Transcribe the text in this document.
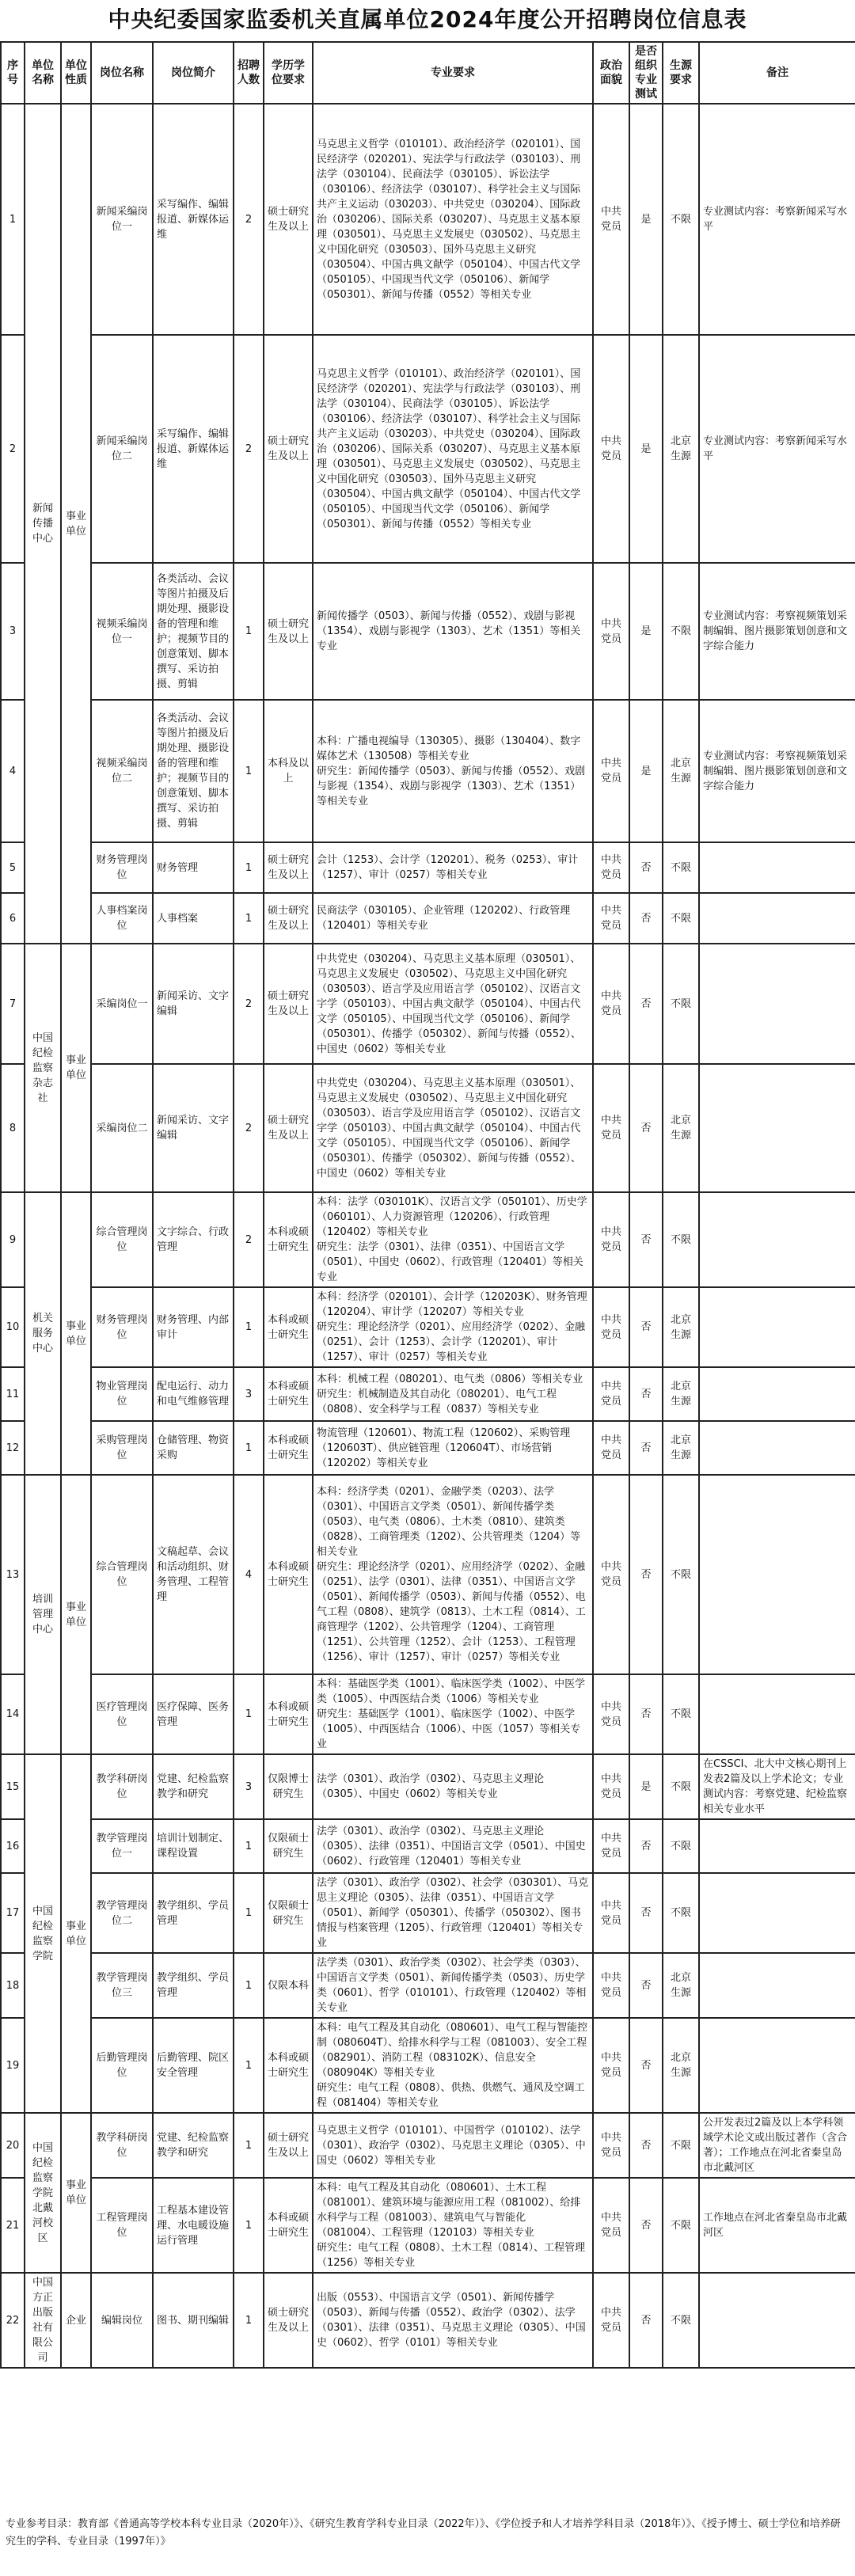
中央纪委国家监委机关直属单位2024年度公开招聘岗位信息表
序号	单位名称	单位性质	岗位名称	岗位简介	招聘人数	学历学位要求	专业要求	政治面貌	是否组织专业测试	生源要求	备注
1	新闻传播中心	事业单位	新闻采编岗位一	采写编作、编辑报道、新媒体运维	2	硕士研究生及以上	马克思主义哲学（010101）、政治经济学（020101）、国民经济学（020201）、宪法学与行政法学（030103）、刑法学（030104）、民商法学（030105）、诉讼法学（030106）、经济法学（030107）、科学社会主义与国际共产主义运动（030203）、中共党史（030204）、国际政治（030206）、国际关系（030207）、马克思主义基本原理（030501）、马克思主义发展史（030502）、马克思主义中国化研究（030503）、国外马克思主义研究（030504）、中国古典文献学（050104）、中国古代文学（050105）、中国现当代文学（050106）、新闻学（050301）、新闻与传播（0552）等相关专业	中共党员	是	不限	专业测试内容：考察新闻采写水平
2			新闻采编岗位二	采写编作、编辑报道、新媒体运维	2	硕士研究生及以上	马克思主义哲学（010101）、政治经济学（020101）、国民经济学（020201）、宪法学与行政法学（030103）、刑法学（030104）、民商法学（030105）、诉讼法学（030106）、经济法学（030107）、科学社会主义与国际共产主义运动（030203）、中共党史（030204）、国际政治（030206）、国际关系（030207）、马克思主义基本原理（030501）、马克思主义发展史（030502）、马克思主义中国化研究（030503）、国外马克思主义研究（030504）、中国古典文献学（050104）、中国古代文学（050105）、中国现当代文学（050106）、新闻学（050301）、新闻与传播（0552）等相关专业	中共党员	是	北京生源	专业测试内容：考察新闻采写水平
3			视频采编岗位一	各类活动、会议等图片拍摄及后期处理、摄影设备的管理和维护；视频节目的创意策划、脚本撰写、采访拍摄、剪辑	1	硕士研究生及以上	新闻传播学（0503）、新闻与传播（0552）、戏剧与影视（1354）、戏剧与影视学（1303）、艺术（1351）等相关专业	中共党员	是	不限	专业测试内容：考察视频策划采制编辑、图片摄影策划创意和文字综合能力
4			视频采编岗位二	各类活动、会议等图片拍摄及后期处理、摄影设备的管理和维护；视频节目的创意策划、脚本撰写、采访拍摄、剪辑	1	本科及以上	本科：广播电视编导（130305）、摄影（130404）、数字媒体艺术（130508）等相关专业
研究生：新闻传播学（0503）、新闻与传播（0552）、戏剧与影视（1354）、戏剧与影视学（1303）、艺术（1351）等相关专业	中共党员	是	北京生源	专业测试内容：考察视频策划采制编辑、图片摄影策划创意和文字综合能力
5			财务管理岗位	财务管理	1	硕士研究生及以上	会计（1253）、会计学（120201）、税务（0253）、审计（1257）、审计（0257）等相关专业	中共党员	否	不限	
6			人事档案岗位	人事档案	1	硕士研究生及以上	民商法学（030105）、企业管理（120202）、行政管理（120401）等相关专业	中共党员	否	不限	
7	中国纪检监察杂志社	事业单位	采编岗位一	新闻采访、文字编辑	2	硕士研究生及以上	中共党史（030204）、马克思主义基本原理（030501）、马克思主义发展史（030502）、马克思主义中国化研究（030503）、语言学及应用语言学（050102）、汉语言文字学（050103）、中国古典文献学（050104）、中国古代文学（050105）、中国现当代文学（050106）、新闻学（050301）、传播学（050302）、新闻与传播（0552）、中国史（0602）等相关专业	中共党员	否	不限	
8			采编岗位二	新闻采访、文字编辑	2	硕士研究生及以上	中共党史（030204）、马克思主义基本原理（030501）、马克思主义发展史（030502）、马克思主义中国化研究（030503）、语言学及应用语言学（050102）、汉语言文字学（050103）、中国古典文献学（050104）、中国古代文学（050105）、中国现当代文学（050106）、新闻学（050301）、传播学（050302）、新闻与传播（0552）、中国史（0602）等相关专业	中共党员	否	北京生源	
9	机关服务中心	事业单位	综合管理岗位	文字综合、行政管理	2	本科或硕士研究生	本科：法学（030101K）、汉语言文学（050101）、历史学（060101）、人力资源管理（120206）、行政管理（120402）等相关专业
研究生：法学（0301）、法律（0351）、中国语言文学（0501）、中国史（0602）、行政管理（120401）等相关专业	中共党员	否	不限	
10			财务管理岗位	财务管理、内部审计	1	本科或硕士研究生	本科：经济学（020101）、会计学（120203K）、财务管理（120204）、审计学（120207）等相关专业
研究生：理论经济学（0201）、应用经济学（0202）、金融（0251）、会计（1253）、会计学（120201）、审计（1257）、审计（0257）等相关专业	中共党员	否	北京生源	
11			物业管理岗位	配电运行、动力和电气维修管理	3	本科或硕士研究生	本科：机械工程（080201）、电气类（0806）等相关专业
研究生：机械制造及其自动化（080201）、电气工程（0808）、安全科学与工程（0837）等相关专业	中共党员	否	北京生源	
12			采购管理岗位	仓储管理、物资采购	1	本科或硕士研究生	物流管理（120601）、物流工程（120602）、采购管理（120603T）、供应链管理（120604T）、市场营销（120202）等相关专业	中共党员	否	北京生源	
13	培训管理中心	事业单位	综合管理岗位	文稿起草、会议和活动组织、财务管理、工程管理	4	本科或硕士研究生	本科：经济学类（0201）、金融学类（0203）、法学（0301）、中国语言文学类（0501）、新闻传播学类（0503）、电气类（0806）、土木类（0810）、建筑类（0828）、工商管理类（1202）、公共管理类（1204）等相关专业
研究生：理论经济学（0201）、应用经济学（0202）、金融（0251）、法学（0301）、法律（0351）、中国语言文学（0501）、新闻传播学（0503）、新闻与传播（0552）、电气工程（0808）、建筑学（0813）、土木工程（0814）、工商管理学（1202）、公共管理学（1204）、工商管理（1251）、公共管理（1252）、会计（1253）、工程管理（1256）、审计（1257）、审计（0257）等相关专业	中共党员	否	不限	
14			医疗管理岗位	医疗保障、医务管理	1	本科或硕士研究生	本科：基础医学类（1001）、临床医学类（1002）、中医学类（1005）、中西医结合类（1006）等相关专业
研究生：基础医学（1001）、临床医学（1002）、中医学（1005）、中西医结合（1006）、中医（1057）等相关专业	中共党员	否	不限	
15	中国纪检监察学院	事业单位	教学科研岗位	党建、纪检监察教学和研究	3	仅限博士研究生	法学（0301）、政治学（0302）、马克思主义理论（0305）、中国史（0602）等相关专业	中共党员	是	不限	在CSSCI、北大中文核心期刊上发表2篇及以上学术论文；专业测试内容：考察党建、纪检监察相关专业水平
16			教学管理岗位一	培训计划制定、课程设置	1	仅限硕士研究生	法学（0301）、政治学（0302）、马克思主义理论（0305）、法律（0351）、中国语言文学（0501）、中国史（0602）、行政管理（120401）等相关专业	中共党员	否	不限	
17			教学管理岗位二	教学组织、学员管理	1	仅限硕士研究生	法学（0301）、政治学（0302）、社会学（030301）、马克思主义理论（0305）、法律（0351）、中国语言文学（0501）、新闻学（050301）、传播学（050302）、图书情报与档案管理（1205）、行政管理（120401）等相关专业	中共党员	否	不限	
18			教学管理岗位三	教学组织、学员管理	1	仅限本科	法学类（0301）、政治学类（0302）、社会学类（0303）、中国语言文学类（0501）、新闻传播学类（0503）、历史学类（0601）、哲学（010101）、行政管理（120402）等相关专业	中共党员	否	北京生源	
19			后勤管理岗位	后勤管理、院区安全管理	1	本科或硕士研究生	本科：电气工程及其自动化（080601）、电气工程与智能控制（080604T）、给排水科学与工程（081003）、安全工程（082901）、消防工程（083102K）、信息安全（080904K）等相关专业
研究生：电气工程（0808）、供热、供燃气、通风及空调工程（081404）等相关专业	中共党员	否	北京生源	
20	中国纪检监察学院北戴河校区	事业单位	教学科研岗位	党建、纪检监察教学和研究	1	硕士研究生及以上	马克思主义哲学（010101）、中国哲学（010102）、法学（0301）、政治学（0302）、马克思主义理论（0305）、中国史（0602）等相关专业	中共党员	否	不限	公开发表过2篇及以上本学科领域学术论文或出版过著作（含合著）；工作地点在河北省秦皇岛市北戴河区
21			工程管理岗位	工程基本建设管理、水电暖设施运行管理	1	本科或硕士研究生	本科：电气工程及其自动化（080601）、土木工程（081001）、建筑环境与能源应用工程（081002）、给排水科学与工程（081003）、建筑电气与智能化（081004）、工程管理（120103）等相关专业
研究生：电气工程（0808）、土木工程（0814）、工程管理（1256）等相关专业	中共党员	否	不限	工作地点在河北省秦皇岛市北戴河区
22	中国方正出版社有限公司	企业	编辑岗位	图书、期刊编辑	1	硕士研究生及以上	出版（0553）、中国语言文学（0501）、新闻传播学（0503）、新闻与传播（0552）、政治学（0302）、法学（0301）、法律（0351）、马克思主义理论（0305）、中国史（0602）、哲学（0101）等相关专业	中共党员	否	不限	
专业参考目录：教育部《普通高等学校本科专业目录（2020年）》、《研究生教育学科专业目录（2022年）》、《学位授予和人才培养学科目录（2018年）》、《授予博士、硕士学位和培养研究生的学科、专业目录（1997年）》
